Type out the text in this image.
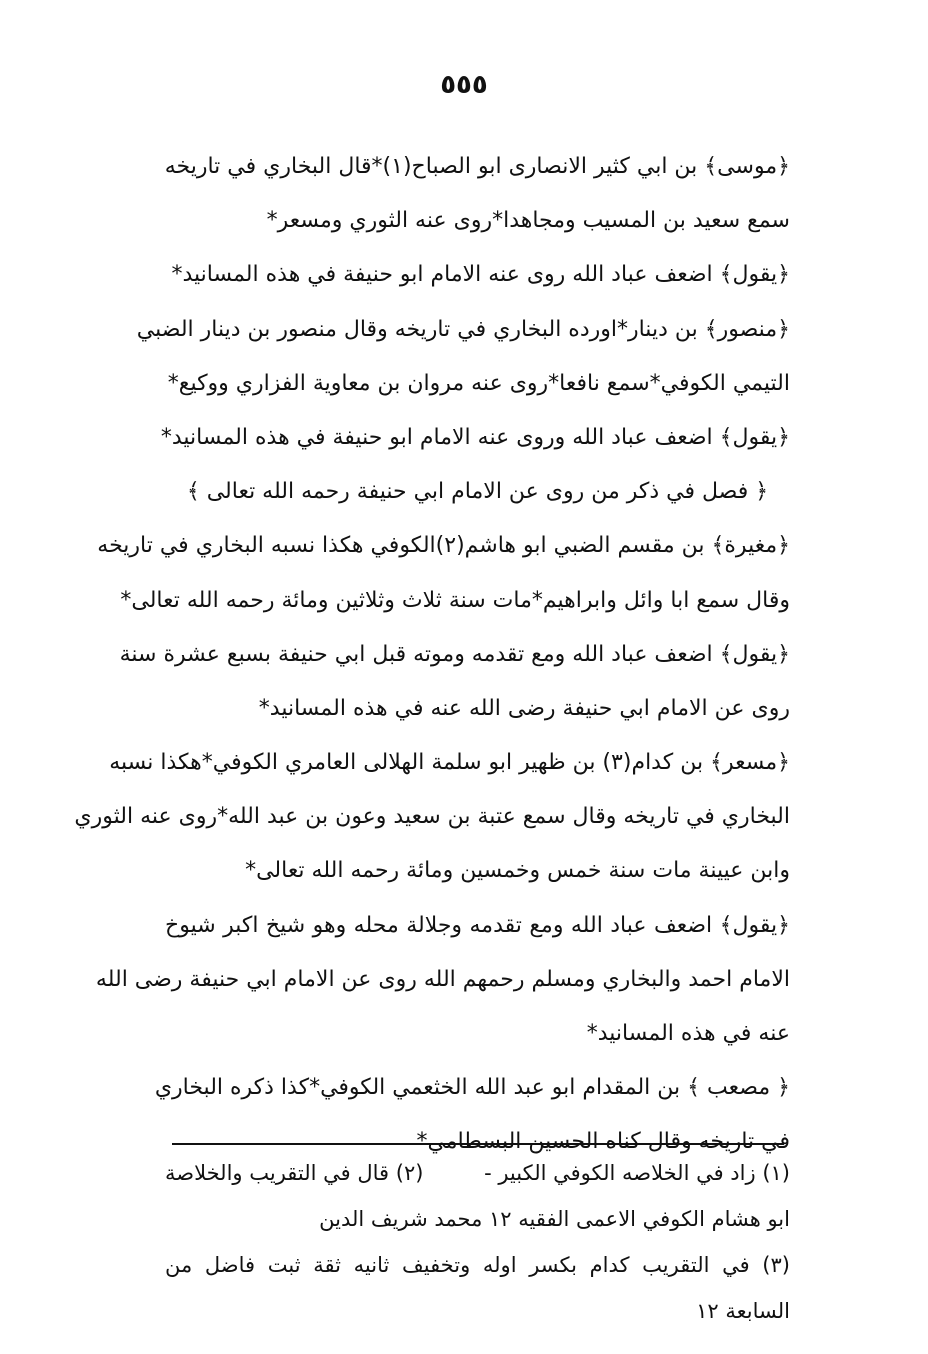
٥٥٥
﴿موسى﴾ بن ابي كثير الانصارى ابو الصباح(١)*قال البخاري في تاريخه
سمع سعيد بن المسيب ومجاهدا*روى عنه الثوري ومسعر*
﴿يقول﴾ اضعف عباد الله روى عنه الامام ابو حنيفة في هذه المسانيد*
﴿منصور﴾ بن دينار*اورده البخاري في تاريخه وقال منصور بن دينار الضبي
التيمي الكوفي*سمع نافعا*روى عنه مروان بن معاوية الفزاري ووكيع*
﴿يقول﴾ اضعف عباد الله وروى عنه الامام ابو حنيفة في هذه المسانيد*
﴿ فصل في ذكر من روى عن الامام ابي حنيفة رحمه الله تعالى ﴾
﴿مغيرة﴾ بن مقسم الضبي ابو هاشم(٢)الكوفي هكذا نسبه البخاري في تاريخه
وقال سمع ابا وائل وابراهيم*مات سنة ثلاث وثلاثين ومائة رحمه الله تعالى*
﴿يقول﴾ اضعف عباد الله ومع تقدمه وموته قبل ابي حنيفة بسبع عشرة سنة
روى عن الامام ابي حنيفة رضى الله عنه في هذه المسانيد*
﴿مسعر﴾ بن كدام(٣) بن ظهير ابو سلمة الهلالى العامري الكوفي*هكذا نسبه
البخاري في تاريخه وقال سمع عتبة بن سعيد وعون بن عبد الله*روى عنه الثوري
وابن عيينة مات سنة خمس وخمسين ومائة رحمه الله تعالى*
﴿يقول﴾ اضعف عباد الله ومع تقدمه وجلالة محله وهو شيخ اكبر شيوخ
الامام احمد والبخاري ومسلم رحمهم الله روى عن الامام ابي حنيفة رضى الله
عنه في هذه المسانيد*
﴿ مصعب ﴾ بن المقدام ابو عبد الله الخثعمي الكوفي*كذا ذكره البخاري
في تاريخه وقال كناه الحسين البسطامي*
(١) زاد في الخلاصه الكوفي الكبير -
(٢) قال في التقريب والخلاصة
ابو هشام الكوفي الاعمى الفقيه ١٢ محمد شريف الدين
(٣) في التقريب كدام بكسر اوله وتخفيف ثانيه ثقة ثبت فاضل من
السابعة ١٢
